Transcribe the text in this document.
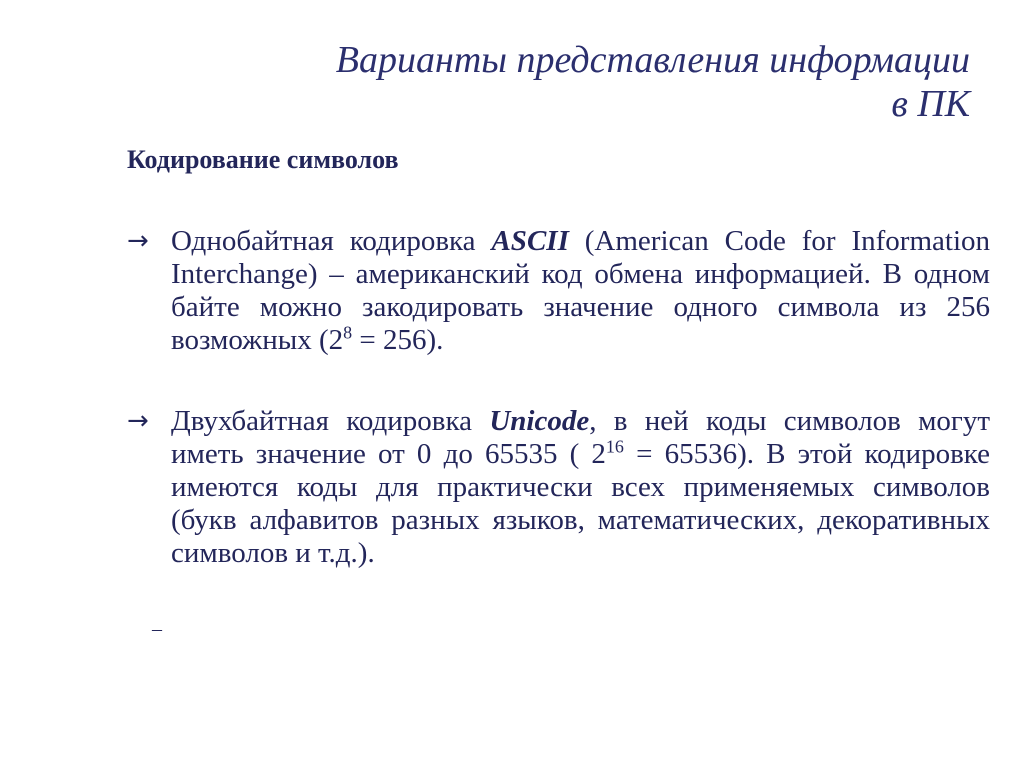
Варианты представления информации
в ПК
Кодирование символов
→ Однобайтная кодировка ASCII (American Code for Information Interchange) – американский код обмена информацией. В одном байте можно закодировать значение одного символа из 256 возможных $(2^8 = 256)$.
→ Двухбайтная кодировка Unicode, в ней коды символов могут иметь значение от 0 до 65535 ( $2^{16} = 65536$). В этой кодировке имеются коды для практически всех применяемых символов (букв алфавитов разных языков, математических, декоративных символов и т.д.).
–
